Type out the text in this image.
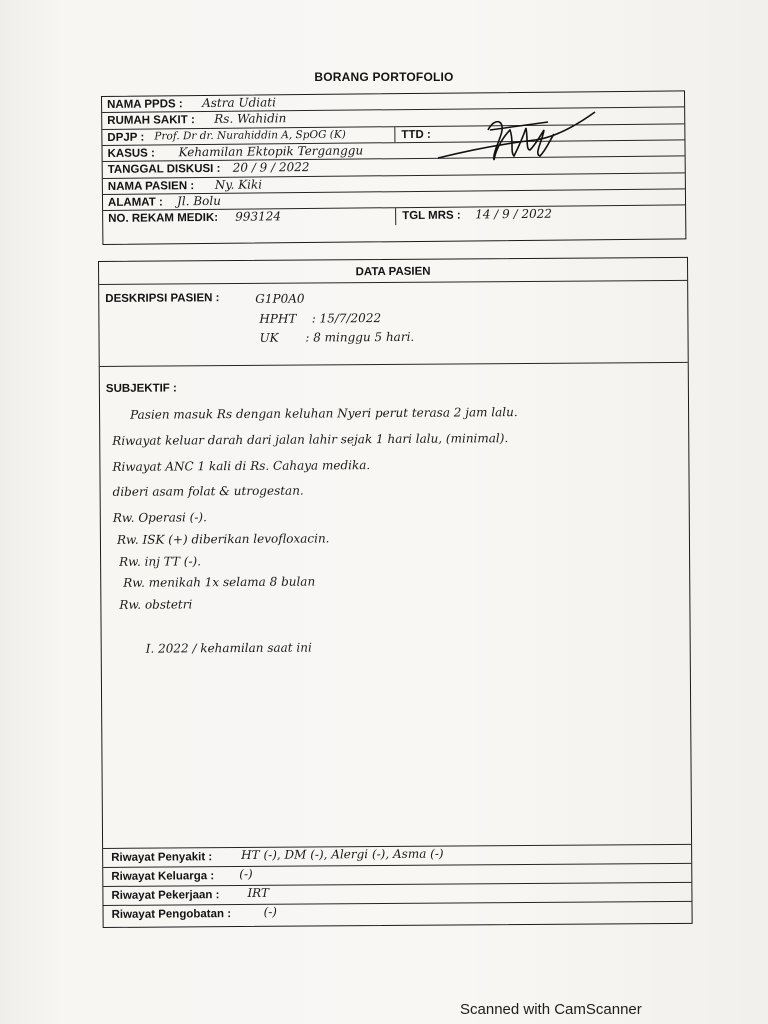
BORANG PORTOFOLIO
NAMA PPDS : Astra Udiati
RUMAH SAKIT : Rs. Wahidin
DPJP : Prof. Dr dr. Nurahiddin A, SpOG (K)	TTD :
KASUS : Kehamilan Ektopik Terganggu
TANGGAL DISKUSI : 20 / 9 / 2022
NAMA PASIEN : Ny. Kiki
ALAMAT : Jl. Bolu
NO. REKAM MEDIK: 993124	TGL MRS : 14 / 9 / 2022
DATA PASIEN
DESKRIPSI PASIEN :	G1P0A0
HPHT    : 15/7/2022
UK       : 8 minggu 5 hari.
SUBJEKTIF :
Pasien masuk Rs dengan keluhan Nyeri perut terasa 2 jam lalu.
Riwayat keluar darah dari jalan lahir sejak 1 hari lalu, (minimal).
Riwayat ANC 1 kali di Rs. Cahaya medika.
diberi asam folat & utrogestan.
Rw. Operasi (-).
Rw. ISK (+) diberikan levofloxacin.
Rw. inj TT (-).
Rw. menikah 1x selama 8 bulan
Rw. obstetri
I. 2022 / kehamilan saat ini
Riwayat Penyakit : HT (-), DM (-), Alergi (-), Asma (-)
Riwayat Keluarga : (-)
Riwayat Pekerjaan : IRT
Riwayat Pengobatan :	(-)
Scanned with CamScanner
